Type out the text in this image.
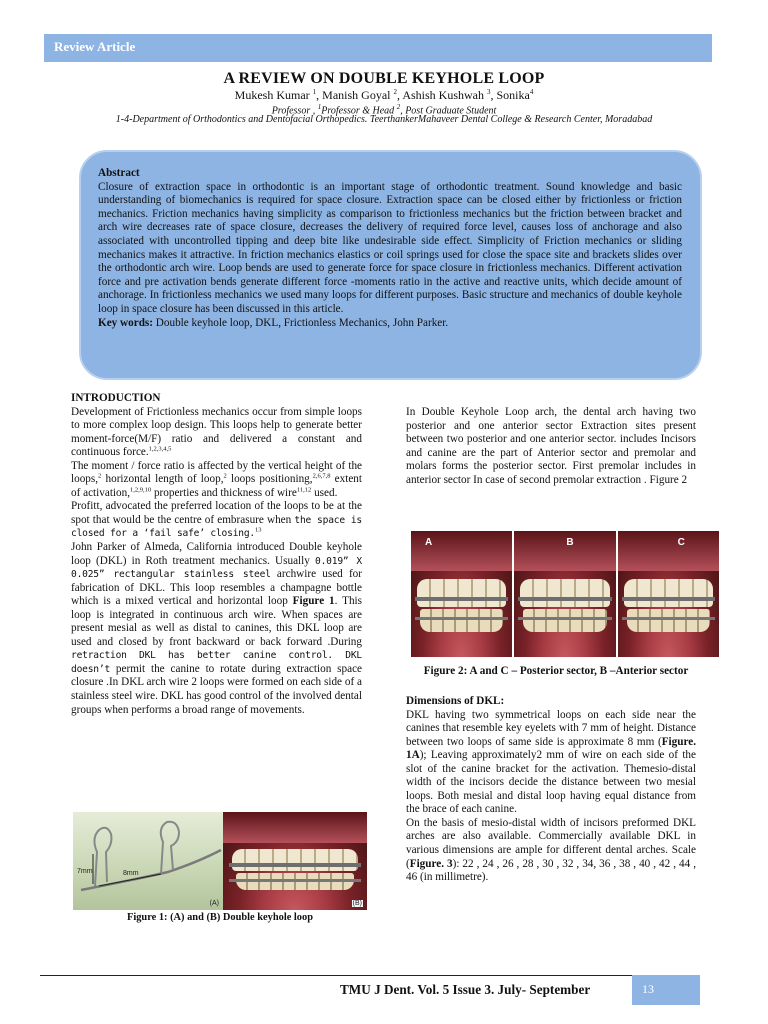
Review Article
A REVIEW ON DOUBLE KEYHOLE LOOP
Mukesh Kumar $^1$, Manish Goyal $^2$, Ashish Kushwah $^3$, Sonika$^4$
Professor , $^1$Professor & Head $^2$, Post Graduate Student
1-4-Department of Orthodontics and Dentofacial Orthopedics. TeerthankerMahaveer Dental College & Research Center, Moradabad
Abstract
Closure of extraction space in orthodontic is an important stage of orthodontic treatment. Sound knowledge and basic understanding of biomechanics is required for space closure. Extraction space can be closed either by frictionless or friction mechanics. Friction mechanics having simplicity as comparison to frictionless mechanics but the friction between bracket and arch wire decreases rate of space closure, decreases the delivery of required force level, causes loss of anchorage and also associated with uncontrolled tipping and deep bite like undesirable side effect. Simplicity of Friction mechanics or sliding mechanics makes it attractive. In friction mechanics elastics or coil springs used for close the space site and brackets slides over the orthodontic arch wire. Loop bends are used to generate force for space closure in frictionless mechanics. Different activation force and pre activation bends generate different force -moments ratio in the active and reactive units, which decide amount of anchorage. In frictionless mechanics we used many loops for different purposes. Basic structure and mechanics of double keyhole loop in space closure has been discussed in this article.
Key words: Double keyhole loop, DKL, Frictionless Mechanics, John Parker.
INTRODUCTION
Development of Frictionless mechanics occur from simple loops to more complex loop design. This loops help to generate better moment-force(M/F) ratio and delivered a constant and continuous force.$^{1,2,3,4,5}$
The moment / force ratio is affected by the vertical height of the loops,$^2$ horizontal length of loop,$^2$ loops positioning,$^{2,6,7,8}$ extent of activation,$^{1,2,9,10}$ properties and thickness of wire$^{11,12}$ used.
Profitt, advocated the preferred location of the loops to be at the spot that would be the centre of embrasure when the space is closed for a ‘fail safe’ closing.$^{13}$
John Parker of Almeda, California introduced Double keyhole loop (DKL) in Roth treatment mechanics. Usually 0.019” X 0.025” rectangular stainless steel archwire used for fabrication of DKL. This loop resembles a champagne bottle which is a mixed vertical and horizontal loop Figure 1. This loop is integrated in continuous arch wire. When spaces are present mesial as well as distal to canines, this DKL loop are used and closed by front backward or back forward .During retraction DKL has better canine control. DKL doesn’t permit the canine to rotate during extraction space closure .In DKL arch wire 2 loops were formed on each side of a stainless steel wire. DKL has good control of the involved dental groups when performs a broad range of movements.
In Double Keyhole Loop arch, the dental arch having two posterior and one anterior sector Extraction sites present between two posterior and one anterior sector. includes Incisors and canine are the part of Anterior sector and premolar and molars forms the posterior sector. First premolar includes in anterior sector In case of second premolar extraction . Figure 2
A	B	C
Figure 2: A and C – Posterior sector, B –Anterior sector
Dimensions of DKL:
DKL having two symmetrical loops on each side near the canines that resemble key eyelets with 7 mm of height. Distance between two loops of same side is approximate 8 mm (Figure. 1A); Leaving approximately2 mm of wire on each side of the slot of the canine bracket for the activation. Themesio-distal width of the incisors decide the distance between two mesial loops. Both mesial and distal loop having equal distance from the brace of each canine.
On the basis of mesio-distal width of incisors preformed DKL arches are also available. Commercially available DKL in various dimensions are ample for different dental arches. Scale (Figure. 3): 22 , 24 , 26 , 28 , 30 , 32 , 34, 36 , 38 , 40 , 42 , 44 , 46 (in millimetre).
7mm	8mm
(A)	(B)
Figure 1: (A) and (B) Double keyhole loop
TMU J Dent. Vol. 5 Issue 3. July- September	13
